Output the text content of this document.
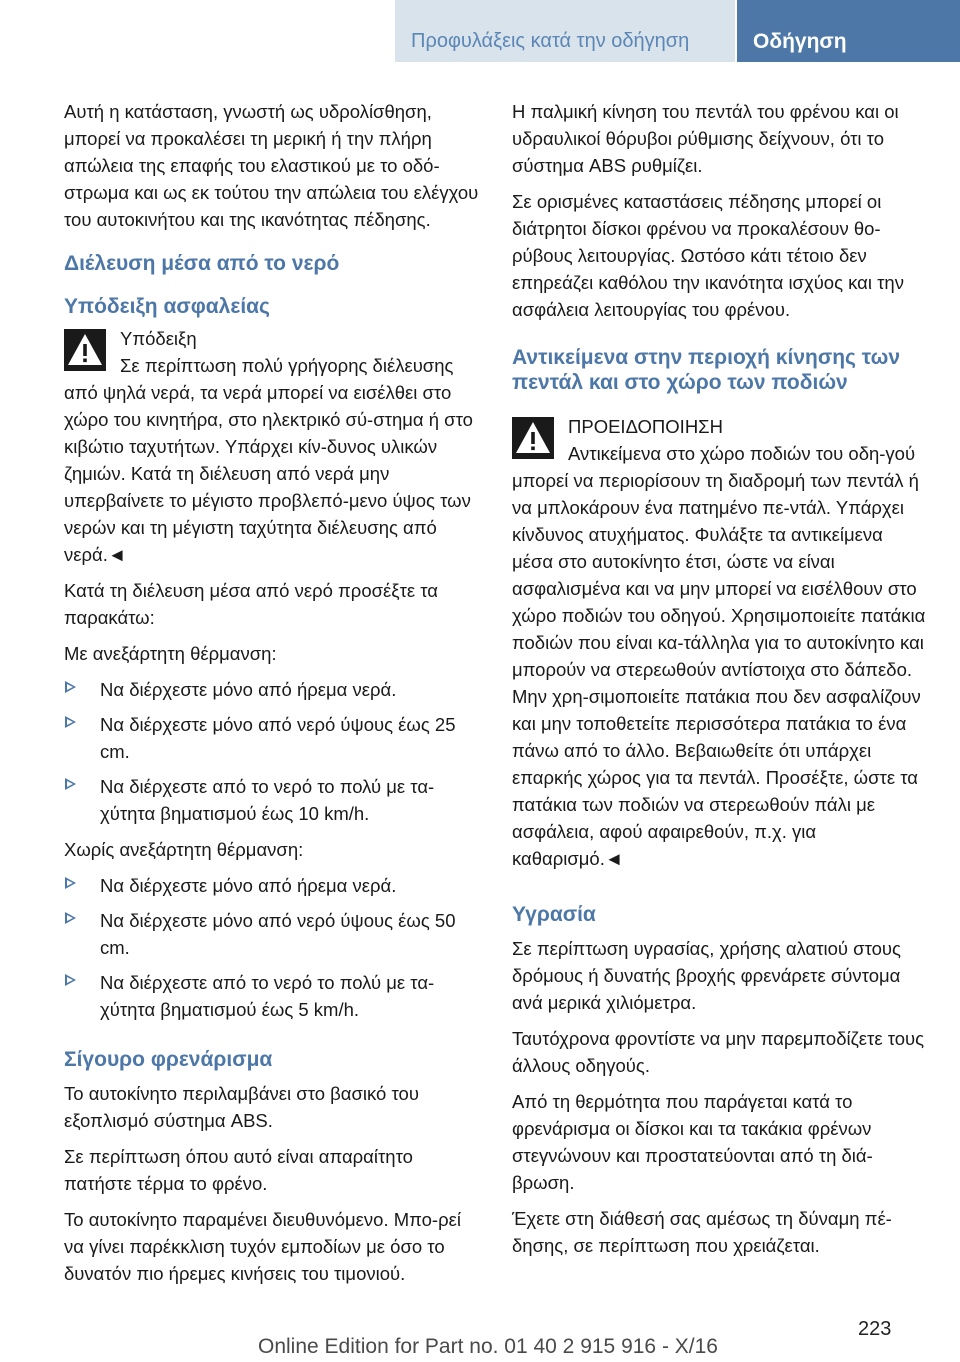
Προφυλάξεις κατά την οδήγηση	Οδήγηση

Αυτή η κατάσταση, γνωστή ως υδρολίσθηση, μπορεί να προκαλέσει τη μερική ή την πλήρη απώλεια της επαφής του ελαστικού με το οδό-στρωμα και ως εκ τούτου την απώλεια του ελέγχου του αυτοκινήτου και της ικανότητας πέδησης.

Διέλευση μέσα από το νερό
Υπόδειξη ασφαλείας

Υπόδειξη

Σε περίπτωση πολύ γρήγορης διέλευσης από ψηλά νερά, τα νερά μπορεί να εισέλθει στο χώρο του κινητήρα, στο ηλεκτρικό σύ-στημα ή στο κιβώτιο ταχυτήτων. Υπάρχει κίν-δυνος υλικών ζημιών. Κατά τη διέλευση από νερά μην υπερβαίνετε το μέγιστο προβλεπό-μενο ύψος των νερών και τη μέγιστη ταχύτητα διέλευσης από νερά.◄

Κατά τη διέλευση μέσα από νερό προσέξτε τα παρακάτω:

Με ανεξάρτητη θέρμανση:

Να διέρχεστε μόνο από ήρεμα νερά.
Να διέρχεστε μόνο από νερό ύψους έως 25 cm.
Να διέρχεστε από το νερό το πολύ με τα-χύτητα βηματισμού έως 10 km/h.

Χωρίς ανεξάρτητη θέρμανση:

Να διέρχεστε μόνο από ήρεμα νερά.
Να διέρχεστε μόνο από νερό ύψους έως 50 cm.
Να διέρχεστε από το νερό το πολύ με τα-χύτητα βηματισμού έως 5 km/h.
Σίγουρο φρενάρισμα

Το αυτοκίνητο περιλαμβάνει στο βασικό του εξοπλισμό σύστημα ABS.

Σε περίπτωση όπου αυτό είναι απαραίτητο πατήστε τέρμα το φρένο.

Το αυτοκίνητο παραμένει διευθυνόμενο. Μπο-ρεί να γίνει παρέκκλιση τυχόν εμποδίων με όσο το δυνατόν πιο ήρεμες κινήσεις του τιμονιού.

Η παλμική κίνηση του πεντάλ του φρένου και οι υδραυλικοί θόρυβοι ρύθμισης δείχνουν, ότι το σύστημα ABS ρυθμίζει.

Σε ορισμένες καταστάσεις πέδησης μπορεί οι διάτρητοι δίσκοι φρένου να προκαλέσουν θο-ρύβους λειτουργίας. Ωστόσο κάτι τέτοιο δεν επηρεάζει καθόλου την ικανότητα ισχύος και την ασφάλεια λειτουργίας του φρένου.

Αντικείμενα στην περιοχή κίνησης των πεντάλ και στο χώρο των ποδιών

ΠΡΟΕΙΔΟΠΟΙΗΣΗ

Αντικείμενα στο χώρο ποδιών του οδη-γού μπορεί να περιορίσουν τη διαδρομή των πεντάλ ή να μπλοκάρουν ένα πατημένο πε-ντάλ. Υπάρχει κίνδυνος ατυχήματος. Φυλάξτε τα αντικείμενα μέσα στο αυτοκίνητο έτσι, ώστε να είναι ασφαλισμένα και να μην μπορεί να εισέλθουν στο χώρο ποδιών του οδηγού. Χρησιμοποιείτε πατάκια ποδιών που είναι κα-τάλληλα για το αυτοκίνητο και μπορούν να στερεωθούν αντίστοιχα στο δάπεδο. Μην χρη-σιμοποιείτε πατάκια που δεν ασφαλίζουν και μην τοποθετείτε περισσότερα πατάκια το ένα πάνω από το άλλο. Βεβαιωθείτε ότι υπάρχει επαρκής χώρος για τα πεντάλ. Προσέξτε, ώστε τα πατάκια των ποδιών να στερεωθούν πάλι με ασφάλεια, αφού αφαιρεθούν, π.χ. για καθαρισμό.◄

Υγρασία

Σε περίπτωση υγρασίας, χρήσης αλατιού στους δρόμους ή δυνατής βροχής φρενάρετε σύντομα ανά μερικά χιλιόμετρα.

Ταυτόχρονα φροντίστε να μην παρεμποδίζετε τους άλλους οδηγούς.

Από τη θερμότητα που παράγεται κατά το φρενάρισμα οι δίσκοι και τα τακάκια φρένων στεγνώνουν και προστατεύονται από τη διά-βρωση.

Έχετε στη διάθεσή σας αμέσως τη δύναμη πέ-δησης, σε περίπτωση που χρειάζεται.

223
Online Edition for Part no. 01 40 2 915 916 - X/16
